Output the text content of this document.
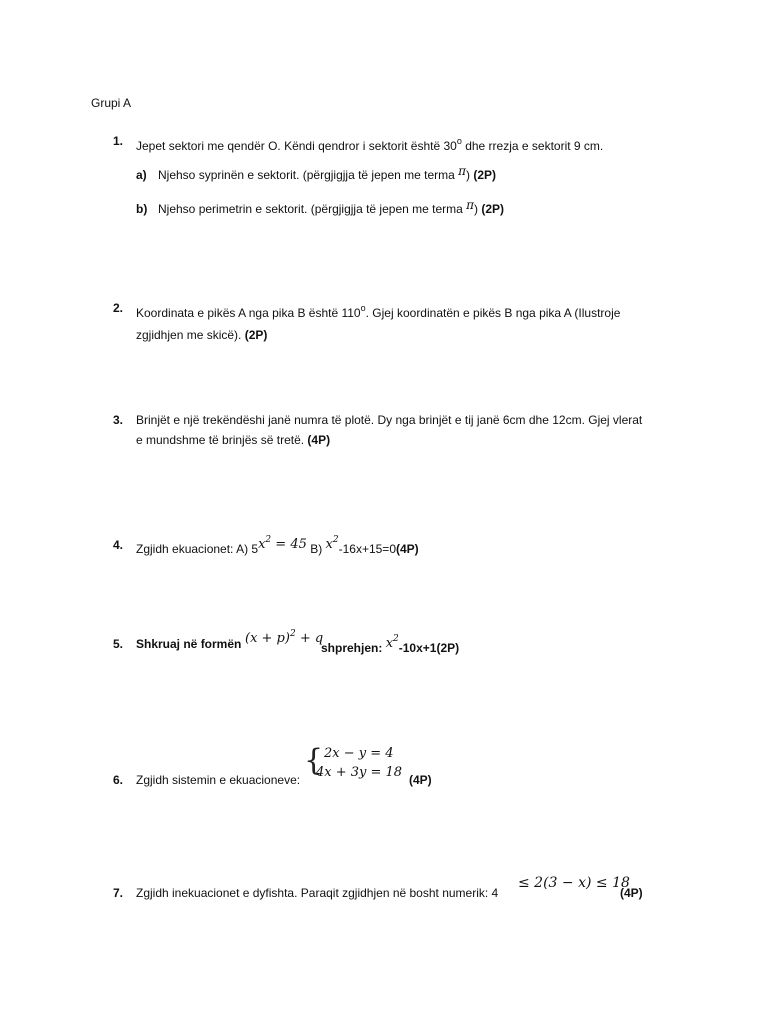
Grupi A
1. Jepet sektori me qendër O. Këndi qendror i sektorit është 30$^o$ dhe rrezja e sektorit 9 cm.
a) Njehso syprinën e sektorit. (përgjigjja të jepen me terma π) (2P)
b) Njehso perimetrin e sektorit. (përgjigjja të jepen me terma π) (2P)
2. Koordinata e pikës A nga pika B është 110$^o$. Gjej koordinatën e pikës B nga pika A (Ilustroje
zgjidhjen me skicë). (2P)
3. Brinjët e një trekëndëshi janë numra të plotë. Dy nga brinjët e tij janë 6cm dhe 12cm. Gjej vlerat
e mundshme të brinjës së tretë. (4P)
4. Zgjidh ekuacionet: A) $5x^2 = 45$ B) $x^2-16x+15=0(4P)$
5. Shkruaj në formën $(x + p)^2 + q$
shprehjen: $x^2-10x+1(2P)$
6. Zgjidh sistemin e ekuacioneve:
{ 2x − y = 4
4x + 3y = 18 (4P)
7. Zgjidh inekuacionet e dyfishta. Paraqit zgjidhjen në bosht numerik: 4
≤ 2(3 − x) ≤ 18
(4P)
